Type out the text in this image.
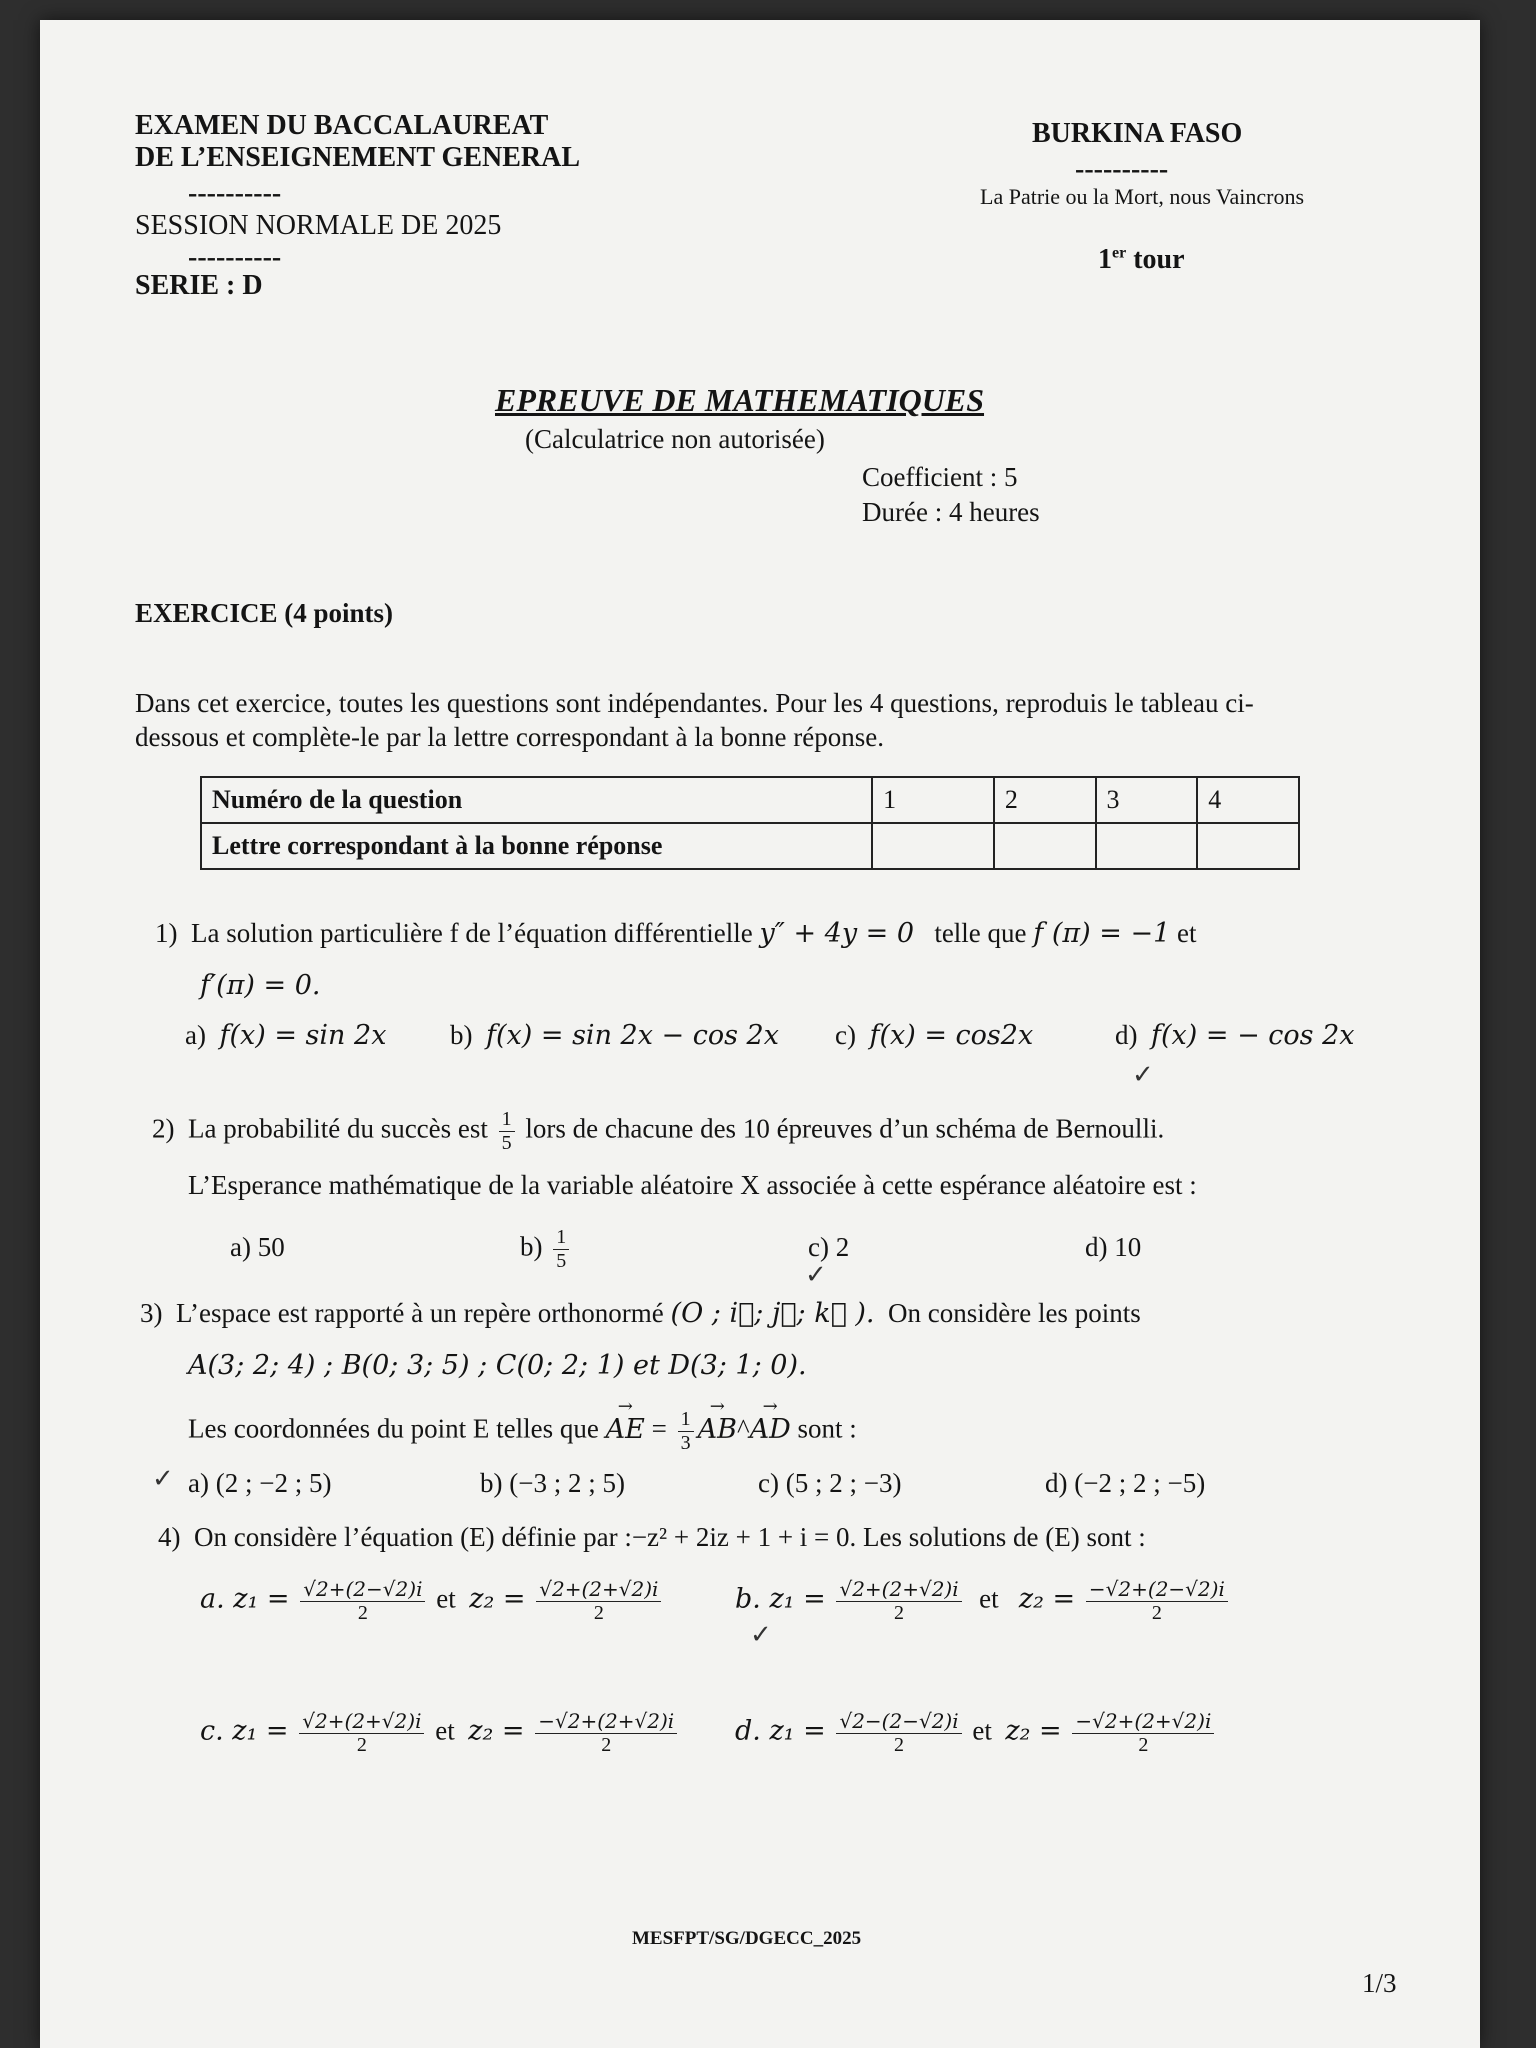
EXAMEN DU BACCALAUREAT
DE L’ENSEIGNEMENT GENERAL
----------
SESSION NORMALE DE 2025
----------
SERIE : D
BURKINA FASO
----------
La Patrie ou la Mort, nous Vaincrons
1er tour
EPREUVE DE MATHEMATIQUES
(Calculatrice non autorisée)
Coefficient : 5
Durée : 4 heures
EXERCICE (4 points)
Dans cet exercice, toutes les questions sont indépendantes. Pour les 4 questions, reproduis le tableau ci-
dessous et complète-le par la lettre correspondant à la bonne réponse.
Numéro de la question	1	2	3	4
Lettre correspondant à la bonne réponse				
1) La solution particulière f de l’équation différentielle y″ + 4y = 0 telle que f (π) = −1 et
f′(π) = 0.
a) f(x) = sin 2x b) f(x) = sin 2x − cos 2x c) f(x) = cos2x	d) f(x) = − cos 2x
✓
2) La probabilité du succès est $\frac{1}{5}$ lors de chacune des 10 épreuves d’un schéma de Bernoulli.
L’Esperance mathématique de la variable aléatoire X associée à cette espérance aléatoire est :
a) 50	$b) \frac{1}{5}$	c) 2
✓
d) 10
3) L’espace est rapporté à un repère orthonormé (O ; i⃗; j⃗; k⃗ ). On considère les points
A(3; 2; 4) ; B(0; 3; 5) ; C(0; 2; 1) et D(3; 1; 0).
Les coordonnées du point E telles que → AE = $\frac{1}{3}$ → AB^→ AD sont :
✓ a) (2 ; −2 ; 5)	b) (−3 ; 2 ; 5)	c) (5 ; 2 ; −3)	d) (−2 ; 2 ; −5)
4) On considère l’équation (E) définie par :−z² + 2iz + 1 + i = 0. Les solutions de (E) sont :
a. $z_1 = \frac{√2+(2-√2)i}{2}$ et $z_2 = \frac{√2+(2+√2)i}{2}$	b. $z_1 = \frac{√2+(2+√2)i}{2}$ et $z_2 = \frac{-√2+(2-√2)i}{2}$
✓
c. $z_1 = \frac{√2+(2+√2)i}{2}$ et $z_2 = \frac{-√2+(2+√2)i}{2} d$. $z_1 = \frac{√2-(2-√2)i}{2}$ et $z_2 = \frac{-√2+(2+√2)i}{2}$
MESFPT/SG/DGECC_2025
1/3
